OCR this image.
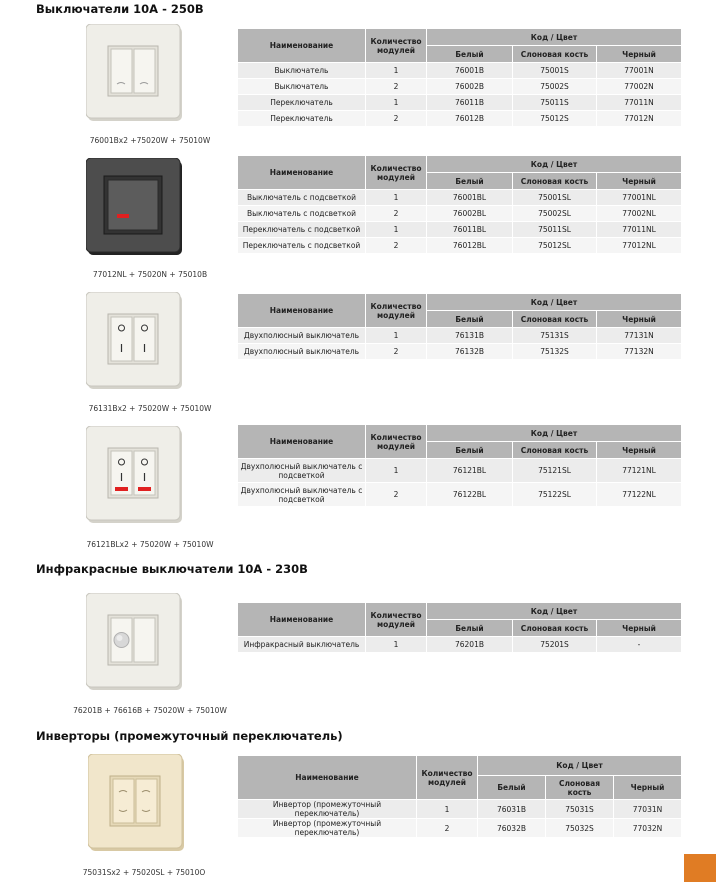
Выключатели 10А - 250В
Инфракрасные выключатели 10А - 230В
Инверторы (промежуточный переключатель)
76001Bx2 +75020W + 75010W
Наименование	Количество модулей	Код / Цвет		
		Белый	Слоновая кость	Черный
Выключатель	1	76001B	75001S	77001N
Выключатель	2	76002B	75002S	77002N
Переключатель	1	76011B	75011S	77011N
Переключатель	2	76012B	75012S	77012N
77012NL + 75020N + 75010B
Наименование	Количество модулей	Код / Цвет		
		Белый	Слоновая кость	Черный
Выключатель с подсветкой	1	76001BL	75001SL	77001NL
Выключатель с подсветкой	2	76002BL	75002SL	77002NL
Переключатель с подсветкой	1	76011BL	75011SL	77011NL
Переключатель с подсветкой	2	76012BL	75012SL	77012NL
76131Bx2 + 75020W + 75010W
Наименование	Количество модулей	Код / Цвет		
		Белый	Слоновая кость	Черный
Двухполюсный выключатель	1	76131B	75131S	77131N
Двухполюсный выключатель	2	76132B	75132S	77132N
76121BLx2 + 75020W + 75010W
Наименование	Количество модулей	Код / Цвет		
		Белый	Слоновая кость	Черный
Двухполюсный выключатель с подсветкой	1	76121BL	75121SL	77121NL
Двухполюсный выключатель с подсветкой	2	76122BL	75122SL	77122NL
76201B + 76616B + 75020W + 75010W
Наименование	Количество модулей	Код / Цвет		
		Белый	Слоновая кость	Черный
Инфракрасный выключатель	1	76201B	75201S	-
75031Sx2 + 75020SL + 75010O
Наименование	Количество модулей	Код / Цвет		
		Белый	Слоновая кость	Черный
Инвертор (промежуточный переключатель)	1	76031B	75031S	77031N
Инвертор (промежуточный переключатель)	2	76032B	75032S	77032N
